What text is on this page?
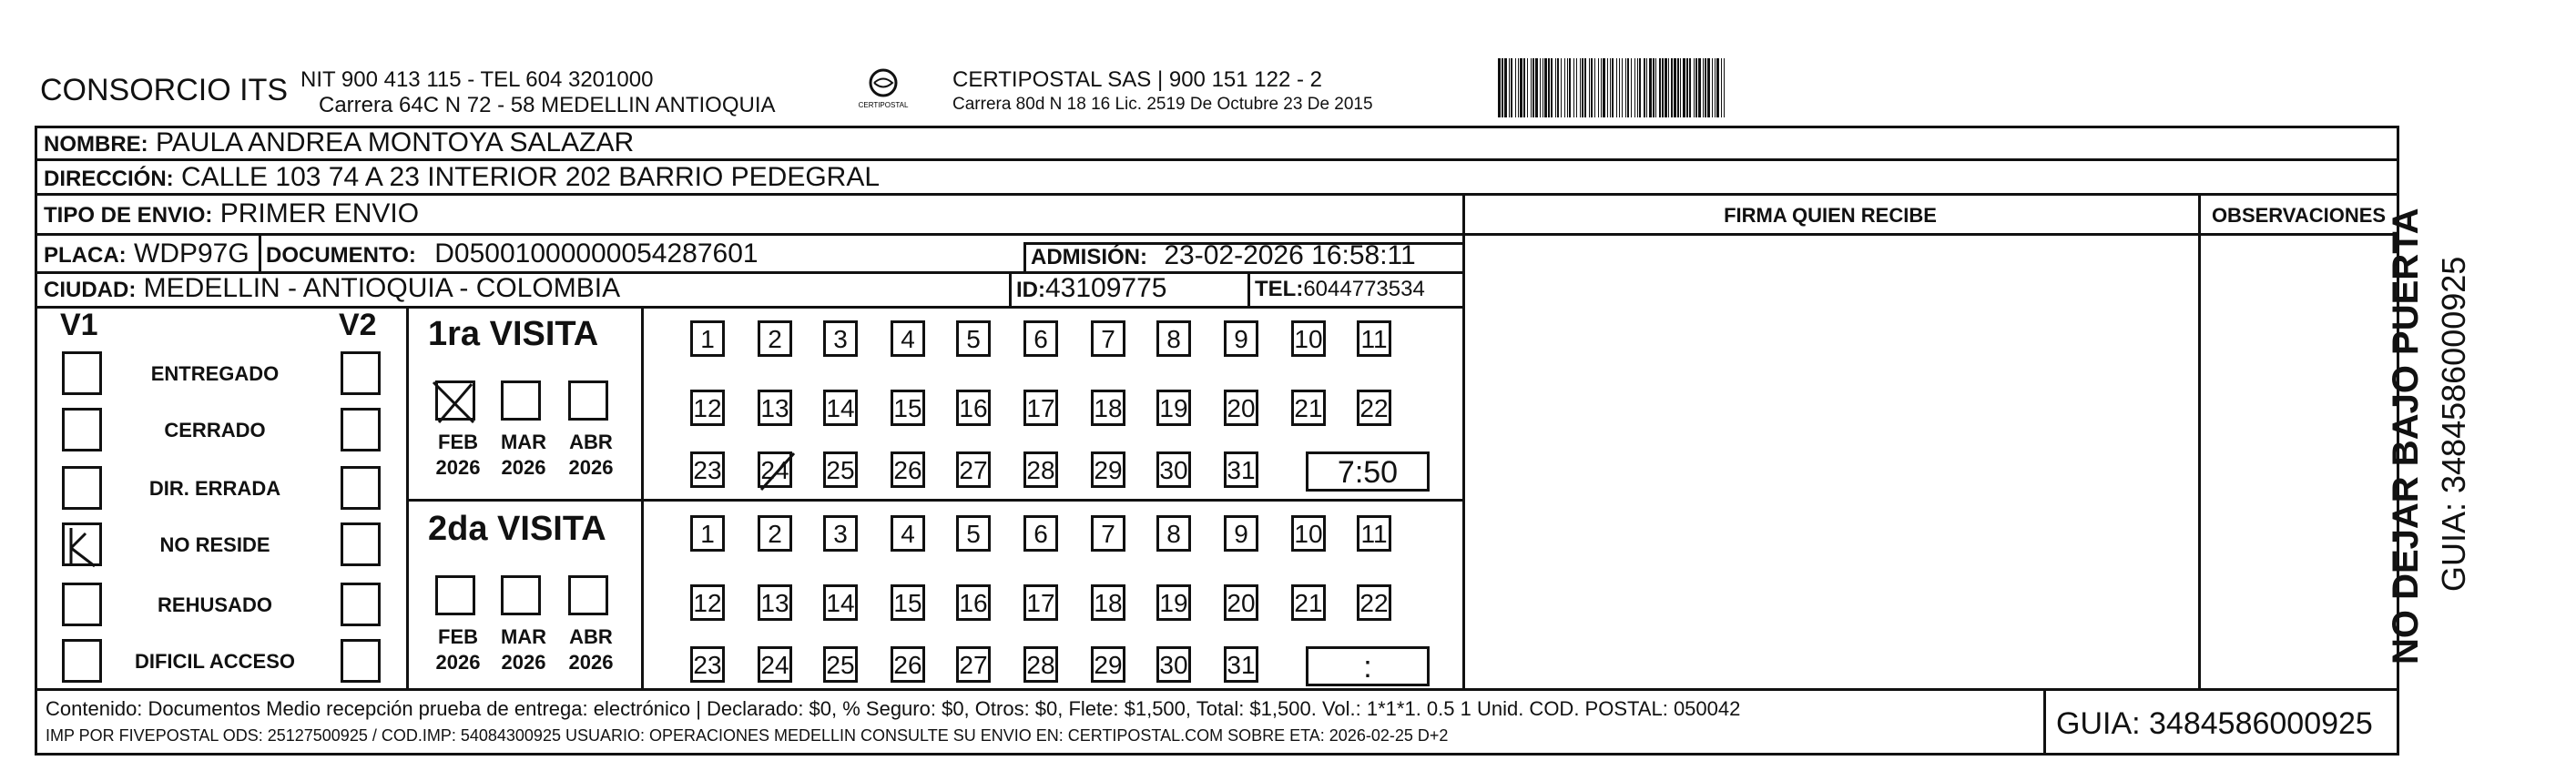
CONSORCIO ITS NIT 900 413 115 - TEL 604 3201000
Carrera 64C N 72 - 58 MEDELLIN ANTIOQUIA	CERTIPOSTAL
CERTIPOSTAL SAS | 900 151 122 - 2
Carrera 80d N 18 16 Lic. 2519 De Octubre 23 De 2015
NOMBRE: PAULA ANDREA MONTOYA SALAZAR
DIRECCIÓN: CALLE 103 74 A 23 INTERIOR 202 BARRIO PEDEGRAL
TIPO DE ENVIO: PRIMER ENVIO	FIRMA QUIEN RECIBE	OBSERVACIONES
PLACA: WDP97G DOCUMENTO: D05001000000054287601	ADMISIÓN: 23-02-2026 16:58:11
CIUDAD: MEDELLIN - ANTIOQUIA - COLOMBIA	ID:43109775	TEL:6044773534
V1	V2
ENTREGADO
CERRADO
DIR. ERRADA
NO RESIDE
REHUSADO
DIFICIL ACCESO
1ra VISITA
FEB
2026
MAR
2026
ABR
2026
1	2	3	4	5	6	7	8	9	10 11
12 13 14 15 16 17 18 19 20 21 22
23 24 25 26 27 28 29 30 31	7:50
2da VISITA
FEB
2026
MAR
2026
ABR
2026
1	2	3	4	5	6	7	8	9	10 11
12 13 14 15 16 17 18 19 20 21 22
23 24 25 26 27 28 29 30 31	:
Contenido: Documentos Medio recepción prueba de entrega: electrónico | Declarado: $0, % Seguro: $0, Otros: $0, Flete: $1,500, Total: $1,500. Vol.: 1*1*1. 0.5 1 Unid. COD. POSTAL: 050042
IMP POR FIVEPOSTAL ODS: 25127500925 / COD.IMP: 54084300925 USUARIO: OPERACIONES MEDELLIN CONSULTE SU ENVIO EN: CERTIPOSTAL.COM SOBRE ETA: 2026-02-25 D+2	GUIA: 3484586000925
NO DEJAR BAJO PUERTA GUIA: 3484586000925
